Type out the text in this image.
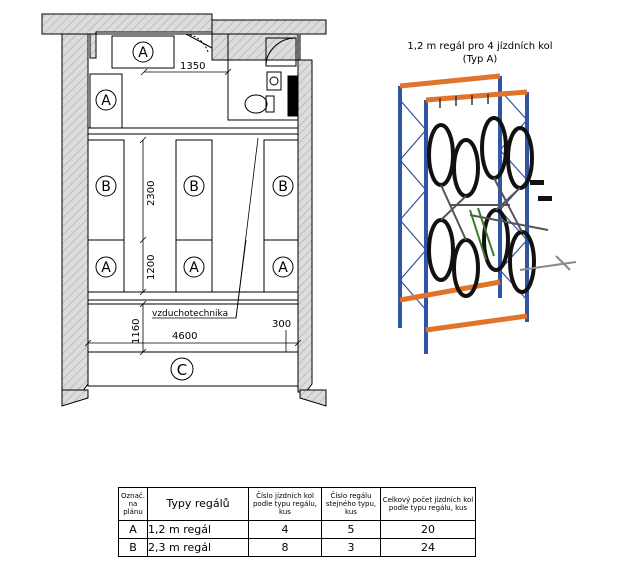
A
A
B	B	B
A	A	A
C
1350
2300
1200
1160	4600
300
vzduchotechnika
1,2 m regál pro 4 jízdních kol
(Typ A)
Označ. na plánu	Typy regálů	Číslo jízdních kol podle typu regálu, kus	Číslo regálu stejného typu, kus	Celkový počet jízdních kol podle typu regálu, kus
A	1,2 m regál	4	5	20
B	2,3 m regál	8	3	24
